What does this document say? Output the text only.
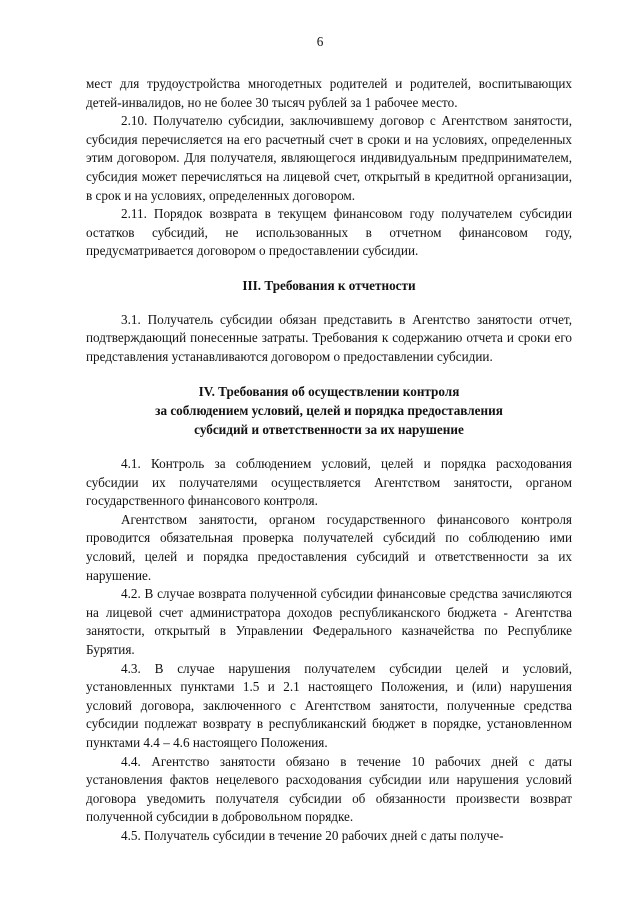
6

мест для трудоустройства многодетных родителей и родителей, воспитывающих детей-инвалидов, но не более 30 тысяч рублей за 1 рабочее место.

2.10. Получателю субсидии, заключившему договор с Агентством занятости, субсидия перечисляется на его расчетный счет в сроки и на условиях, определенных этим договором. Для получателя, являющегося индивидуальным предпринимателем, субсидия может перечисляться на лицевой счет, открытый в кредитной организации, в срок и на условиях, определенных договором.

2.11. Порядок возврата в текущем финансовом году получателем субсидии остатков субсидий, не использованных в отчетном финансовом году, предусматривается договором о предоставлении субсидии.

III. Требования к отчетности

3.1. Получатель субсидии обязан представить в Агентство занятости отчет, подтверждающий понесенные затраты. Требования к содержанию отчета и сроки его представления устанавливаются договором о предоставлении субсидии.

IV. Требования об осуществлении контроля
за соблюдением условий, целей и порядка предоставления
субсидий и ответственности за их нарушение

4.1. Контроль за соблюдением условий, целей и порядка расходования субсидии их получателями осуществляется Агентством занятости, органом государственного финансового контроля.

Агентством занятости, органом государственного финансового контроля проводится обязательная проверка получателей субсидий по соблюдению ими условий, целей и порядка предоставления субсидий и ответственности за их нарушение.

4.2. В случае возврата полученной субсидии финансовые средства зачисляются на лицевой счет администратора доходов республиканского бюджета - Агентства занятости, открытый в Управлении Федерального казначейства по Республике Бурятия.

4.3. В случае нарушения получателем субсидии целей и условий, установленных пунктами 1.5 и 2.1 настоящего Положения, и (или) нарушения условий договора, заключенного с Агентством занятости, полученные средства субсидии подлежат возврату в республиканский бюджет в порядке, установленном пунктами 4.4 – 4.6 настоящего Положения.

4.4. Агентство занятости обязано в течение 10 рабочих дней с даты установления фактов нецелевого расходования субсидии или нарушения условий договора уведомить получателя субсидии об обязанности произвести возврат полученной субсидии в добровольном порядке.

4.5. Получатель субсидии в течение 20 рабочих дней с даты получе-
